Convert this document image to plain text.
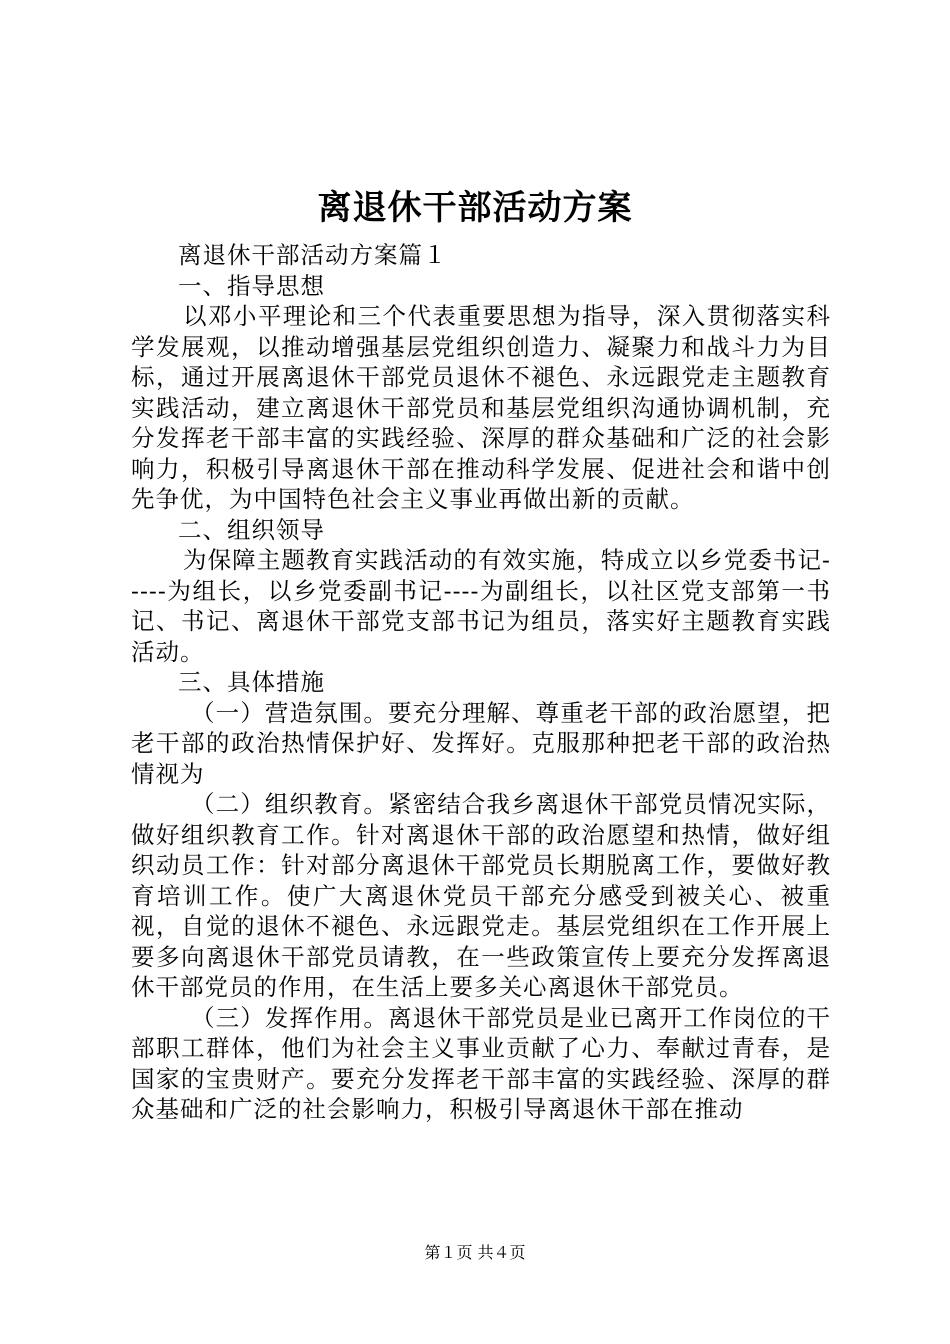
离退休干部活动方案

离退休干部活动方案篇１

一、指导思想

以邓小平理论和三个代表重要思想为指导，深入贯彻落实科学发展观，以推动增强基层党组织创造力、凝聚力和战斗力为目标，通过开展离退休干部党员退休不褪色、永远跟党走主题教育实践活动，建立离退休干部党员和基层党组织沟通协调机制，充分发挥老干部丰富的实践经验、深厚的群众基础和广泛的社会影响力，积极引导离退休干部在推动科学发展、促进社会和谐中创先争优，为中国特色社会主义事业再做出新的贡献。

二、组织领导

为保障主题教育实践活动的有效实施，特成立以乡党委书记-----为组长，以乡党委副书记----为副组长，以社区党支部第一书记、书记、离退休干部党支部书记为组员，落实好主题教育实践活动。

三、具体措施

（一）营造氛围。要充分理解、尊重老干部的政治愿望，把老干部的政治热情保护好、发挥好。克服那种把老干部的政治热情视为

（二）组织教育。紧密结合我乡离退休干部党员情况实际，做好组织教育工作。针对离退休干部的政治愿望和热情，做好组织动员工作：针对部分离退休干部党员长期脱离工作，要做好教育培训工作。使广大离退休党员干部充分感受到被关心、被重视，自觉的退休不褪色、永远跟党走。基层党组织在工作开展上要多向离退休干部党员请教，在一些政策宣传上要充分发挥离退休干部党员的作用，在生活上要多关心离退休干部党员。

（三）发挥作用。离退休干部党员是业已离开工作岗位的干部职工群体，他们为社会主义事业贡献了心力、奉献过青春，是国家的宝贵财产。要充分发挥老干部丰富的实践经验、深厚的群众基础和广泛的社会影响力，积极引导离退休干部在推动

第１页 共４页
